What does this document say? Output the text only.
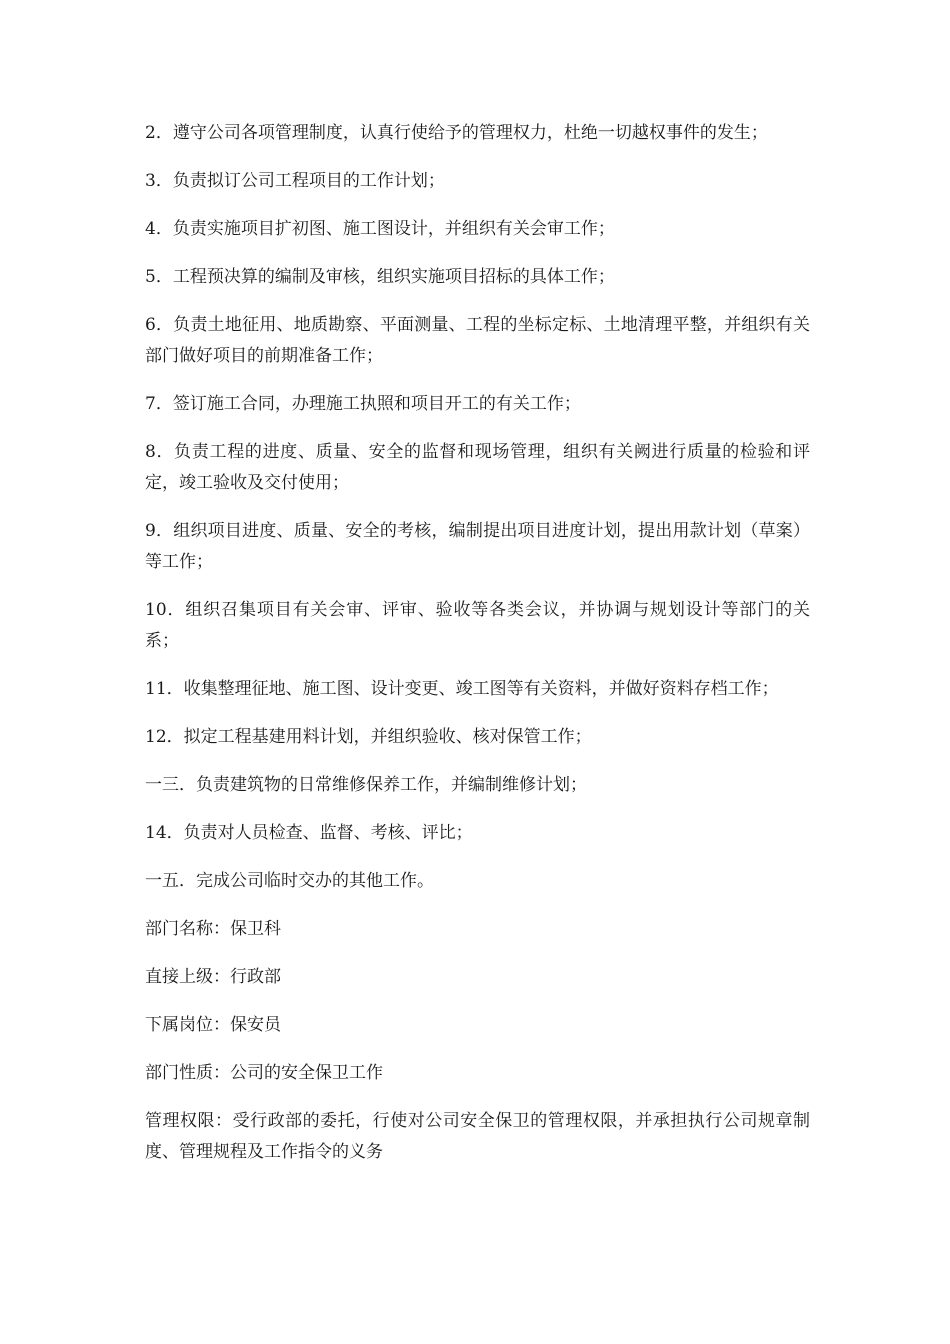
2．遵守公司各项管理制度，认真行使给予的管理权力，杜绝一切越权事件的发生；

3．负责拟订公司工程项目的工作计划；

4．负责实施项目扩初图、施工图设计，并组织有关会审工作；

5．工程预决算的编制及审核，组织实施项目招标的具体工作；

6．负责土地征用、地质勘察、平面测量、工程的坐标定标、土地清理平整，并组织有关部门做好项目的前期准备工作；

7．签订施工合同，办理施工执照和项目开工的有关工作；

8．负责工程的进度、质量、安全的监督和现场管理，组织有关阙进行质量的检验和评定，竣工验收及交付使用；

9．组织项目进度、质量、安全的考核，编制提出项目进度计划，提出用款计划（草案）等工作；

10．组织召集项目有关会审、评审、验收等各类会议，并协调与规划设计等部门的关系；

11．收集整理征地、施工图、设计变更、竣工图等有关资料，并做好资料存档工作；

12．拟定工程基建用料计划，并组织验收、核对保管工作；

一三．负责建筑物的日常维修保养工作，并编制维修计划；

14．负责对人员检查、监督、考核、评比；

一五．完成公司临时交办的其他工作。

部门名称：保卫科

直接上级：行政部

下属岗位：保安员

部门性质：公司的安全保卫工作

管理权限：受行政部的委托，行使对公司安全保卫的管理权限，并承担执行公司规章制度、管理规程及工作指令的义务
